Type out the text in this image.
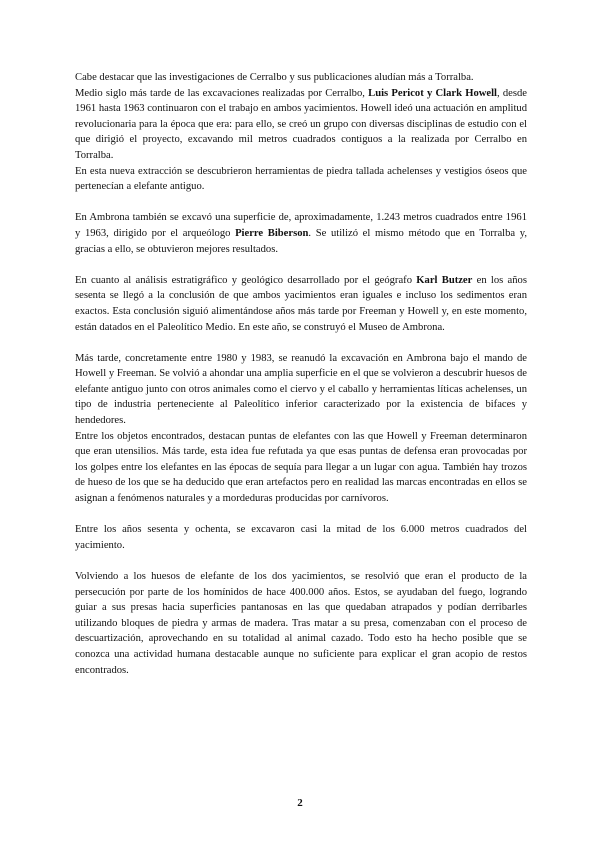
Cabe destacar que las investigaciones de Cerralbo y sus publicaciones aludían más a Torralba.

Medio siglo más tarde de las excavaciones realizadas por Cerralbo, Luis Pericot y Clark Howell, desde 1961 hasta 1963 continuaron con el trabajo en ambos yacimientos. Howell ideó una actuación en amplitud revolucionaria para la época que era: para ello, se creó un grupo con diversas disciplinas de estudio con el que dirigió el proyecto, excavando mil metros cuadrados contiguos a la realizada por Cerralbo en Torralba.

En esta nueva extracción se descubrieron herramientas de piedra tallada achelenses y vestigios óseos que pertenecían a elefante antiguo.

En Ambrona también se excavó una superficie de, aproximadamente, 1.243 metros cuadrados entre 1961 y 1963, dirigido por el arqueólogo Pierre Biberson. Se utilizó el mismo método que en Torralba y, gracias a ello, se obtuvieron mejores resultados.

En cuanto al análisis estratigráfico y geológico desarrollado por el geógrafo Karl Butzer en los años sesenta se llegó a la conclusión de que ambos yacimientos eran iguales e incluso los sedimentos eran exactos. Esta conclusión siguió alimentándose años más tarde por Freeman y Howell y, en este momento, están datados en el Paleolítico Medio. En este año, se construyó el Museo de Ambrona.

Más tarde, concretamente entre 1980 y 1983, se reanudó la excavación en Ambrona bajo el mando de Howell y Freeman. Se volvió a ahondar una amplia superficie en el que se volvieron a descubrir huesos de elefante antiguo junto con otros animales como el ciervo y el caballo y herramientas líticas achelenses, un tipo de industria perteneciente al Paleolítico inferior caracterizado por la existencia de bifaces y hendedores.

Entre los objetos encontrados, destacan puntas de elefantes con las que Howell y Freeman determinaron que eran utensilios. Más tarde, esta idea fue refutada ya que esas puntas de defensa eran provocadas por los golpes entre los elefantes en las épocas de sequía para llegar a un lugar con agua. También hay trozos de hueso de los que se ha deducido que eran artefactos pero en realidad las marcas encontradas en ellos se asignan a fenómenos naturales y a mordeduras producidas por carnívoros.

Entre los años sesenta y ochenta, se excavaron casi la mitad de los 6.000 metros cuadrados del yacimiento.

Volviendo a los huesos de elefante de los dos yacimientos, se resolvió que eran el producto de la persecución por parte de los homínidos de hace 400.000 años. Estos, se ayudaban del fuego, logrando guiar a sus presas hacia superficies pantanosas en las que quedaban atrapados y podían derribarles utilizando bloques de piedra y armas de madera. Tras matar a su presa, comenzaban con el proceso de descuartización, aprovechando en su totalidad al animal cazado. Todo esto ha hecho posible que se conozca una actividad humana destacable aunque no suficiente para explicar el gran acopio de restos encontrados.

2
